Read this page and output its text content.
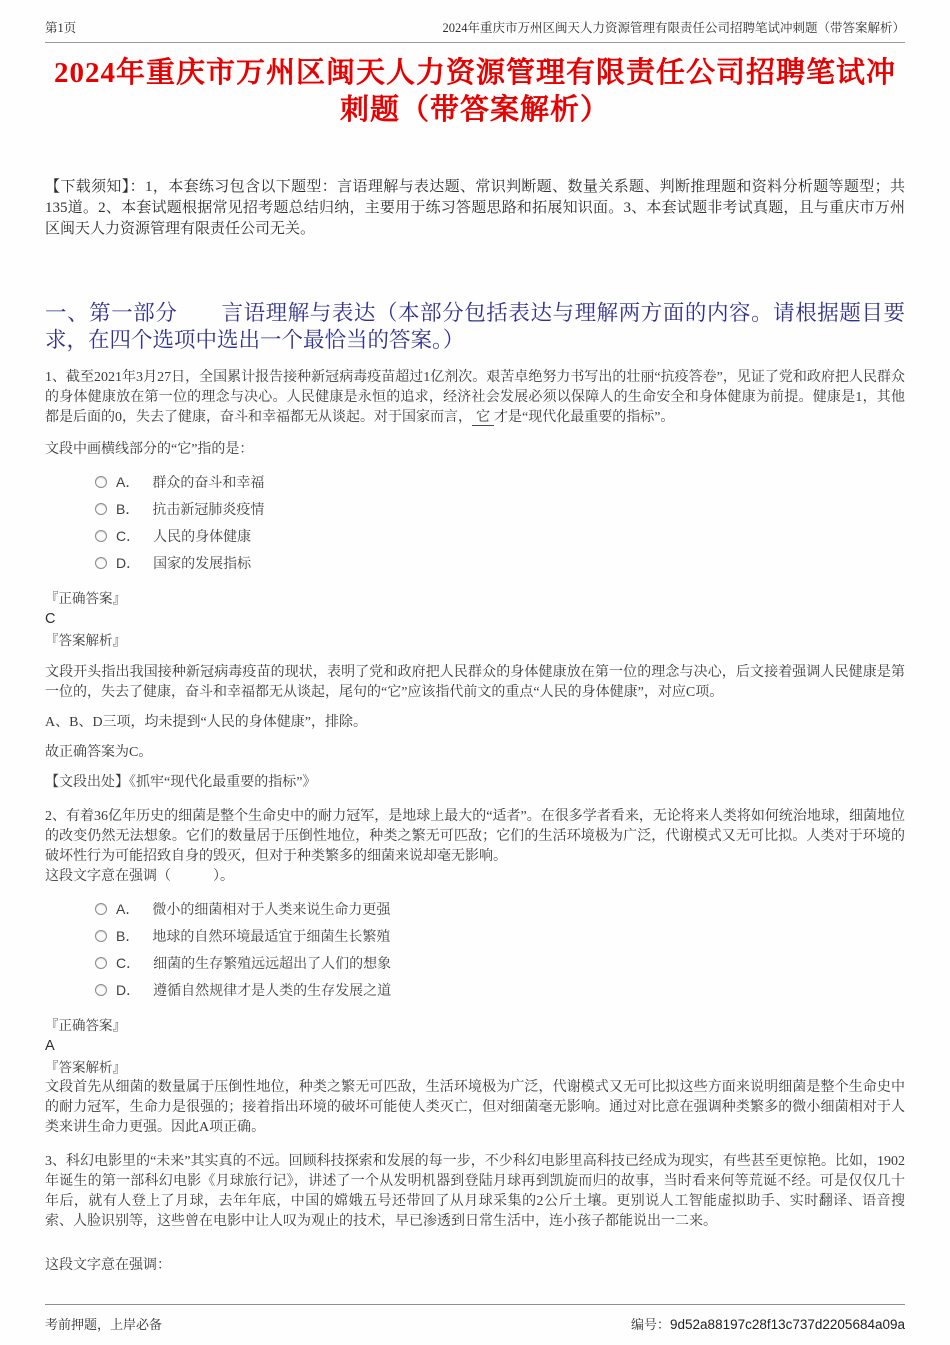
第1页	2024年重庆市万州区闽天人力资源管理有限责任公司招聘笔试冲刺题（带答案解析）
2024年重庆市万州区闽天人力资源管理有限责任公司招聘笔试冲刺题（带答案解析）

【下载须知】：1，本套练习包含以下题型：言语理解与表达题、常识判断题、数量关系题、判断推理题和资料分析题等题型；共135道。2、本套试题根据常见招考题总结归纳，主要用于练习答题思路和拓展知识面。3、本套试题非考试真题，且与重庆市万州区闽天人力资源管理有限责任公司无关。

一、第一部分　　言语理解与表达（本部分包括表达与理解两方面的内容。请根据题目要求，在四个选项中选出一个最恰当的答案。）

1、截至2021年3月27日，全国累计报告接种新冠病毒疫苗超过1亿剂次。艰苦卓绝努力书写出的壮丽“抗疫答卷”，见证了党和政府把人民群众的身体健康放在第一位的理念与决心。人民健康是永恒的追求，经济社会发展必须以保障人的生命安全和身体健康为前提。健康是1，其他都是后面的0，失去了健康，奋斗和幸福都无从谈起。对于国家而言， 它 才是“现代化最重要的指标”。

文段中画横线部分的“它”指的是：

A． 群众的奋斗和幸福
B． 抗击新冠肺炎疫情
C． 人民的身体健康
D． 国家的发展指标

『正确答案』

C

『答案解析』

文段开头指出我国接种新冠病毒疫苗的现状，表明了党和政府把人民群众的身体健康放在第一位的理念与决心，后文接着强调人民健康是第一位的，失去了健康，奋斗和幸福都无从谈起，尾句的“它”应该指代前文的重点“人民的身体健康”，对应C项。

A、B、D三项，均未提到“人民的身体健康”，排除。

故正确答案为C。

【文段出处】《抓牢“现代化最重要的指标”》

2、有着36亿年历史的细菌是整个生命史中的耐力冠军，是地球上最大的“适者”。在很多学者看来，无论将来人类将如何统治地球，细菌地位的改变仍然无法想象。它们的数量居于压倒性地位，种类之繁无可匹敌；它们的生活环境极为广泛，代谢模式又无可比拟。人类对于环境的破坏性行为可能招致自身的毁灭，但对于种类繁多的细菌来说却毫无影响。

这段文字意在强调（　　　）。

A． 微小的细菌相对于人类来说生命力更强
B． 地球的自然环境最适宜于细菌生长繁殖
C． 细菌的生存繁殖远远超出了人们的想象
D． 遵循自然规律才是人类的生存发展之道

『正确答案』

A

『答案解析』

文段首先从细菌的数量属于压倒性地位，种类之繁无可匹敌，生活环境极为广泛，代谢模式又无可比拟这些方面来说明细菌是整个生命史中的耐力冠军，生命力是很强的；接着指出环境的破坏可能使人类灭亡，但对细菌毫无影响。通过对比意在强调种类繁多的微小细菌相对于人类来讲生命力更强。因此A项正确。

3、科幻电影里的“未来”其实真的不远。回顾科技探索和发展的每一步，不少科幻电影里高科技已经成为现实，有些甚至更惊艳。比如，1902年诞生的第一部科幻电影《月球旅行记》，讲述了一个从发明机器到登陆月球再到凯旋而归的故事，当时看来何等荒诞不经。可是仅仅几十年后，就有人登上了月球，去年年底，中国的嫦娥五号还带回了从月球采集的2公斤土壤。更别说人工智能虚拟助手、实时翻译、语音搜索、人脸识别等，这些曾在电影中让人叹为观止的技术，早已渗透到日常生活中，连小孩子都能说出一二来。

这段文字意在强调：

考前押题，上岸必备	编号：9d52a88197c28f13c737d2205684a09a
